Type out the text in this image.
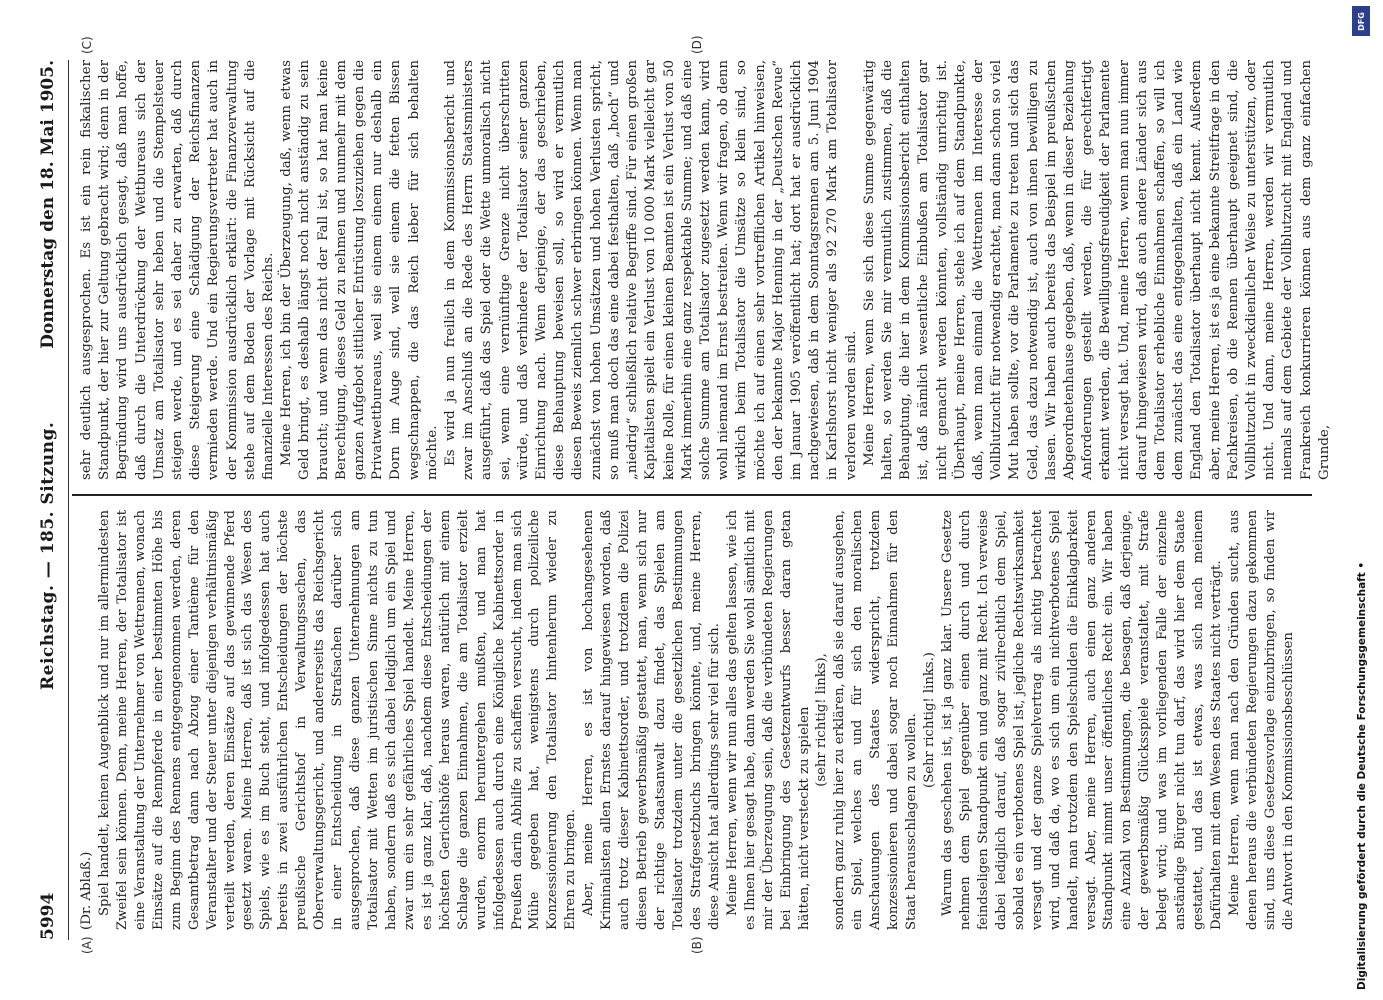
5994
Reichstag. — 185. Sitzung.
Donnerstag den 18. Mai 1905.
(A)	(B)
(C)	(D)

(Dr. Ablaß.) Spiel handelt, keinen Augenblick und nur im allermindesten Zweifel sein können. Denn, meine Herren, der Totalisator ist eine Veranstaltung der Unternehmer von Wettrennen, wonach Einsätze auf die Rennpferde in einer bestimmten Höhe bis zum Beginn des Rennens entgegengenommen werden, deren Gesamtbetrag dann nach Abzug einer Tantième für den Veranstalter und der Steuer unter diejenigen verhältnismäßig verteilt werden, deren Einsätze auf das gewinnende Pferd gesetzt waren. Meine Herren, daß ist sich das Wesen des Spiels, wie es im Buch steht, und infolgedessen hat auch bereits in zwei ausführlichen Entscheidungen der höchste preußische Gerichtshof in Verwaltungssachen, das Oberverwaltungsgericht, und andererseits das Reichsgericht in einer Entscheidung in Strafsachen darüber sich ausgesprochen, daß diese ganzen Unternehmungen am Totalisator mit Wetten im juristischen Sinne nichts zu tun haben, sondern daß es sich dabei lediglich um ein Spiel und zwar um ein sehr gefährliches Spiel handelt. Meine Herren, es ist ja ganz klar, daß, nachdem diese Entscheidungen der höchsten Gerichtshöfe heraus waren, natürlich mit einem Schlage die ganzen Einnahmen, die am Totalisator erzielt wurden, enorm heruntergehen mußten, und man hat infolgedessen auch durch eine Königliche Kabinettsorder in Preußen darin Abhilfe zu schaffen versucht, indem man sich Mühe gegeben hat, wenigstens durch polizeiliche Konzessionierung den Totalisator hintenherum wieder zu Ehren zu bringen. Aber, meine Herren, es ist von hochangesehenen Kriminalisten allen Ernstes darauf hingewiesen worden, daß auch trotz dieser Kabinettsorder, und trotzdem die Polizei diesen Betrieb gewerbsmäßig gestattet, man, wenn sich nur der richtige Staatsanwalt dazu findet, das Spielen am Totalisator trotzdem unter die gesetzlichen Bestimmungen des Strafgesetzbuchs bringen könnte, und, meine Herren, diese Ansicht hat allerdings sehr viel für sich. Meine Herren, wenn wir nun alles das gelten lassen, wie ich es Ihnen hier gesagt habe, dann werden Sie wohl sämtlich mit mir der Überzeugung sein, daß die verbündeten Regierungen bei Einbringung des Gesetzentwurfs besser daran getan hätten, nicht versteckt zu spielen (sehr richtig! links), sondern ganz ruhig hier zu erklären, daß sie darauf ausgehen, ein Spiel, welches an und für sich den moralischen Anschauungen des Staates widerspricht, trotzdem konzessionieren und dabei sogar noch Einnahmen für den Staat herausschlagen zu wollen. (Sehr richtig! links.) Warum das geschehen ist, ist ja ganz klar. Unsere Gesetze nehmen dem Spiel gegenüber einen durch und durch feindseligen Standpunkt ein und ganz mit Recht. Ich verweise dabei lediglich darauf, daß sogar zivilrechtlich dem Spiel, sobald es ein verbotenes Spiel ist, jegliche Rechtswirksamkeit versagt und der ganze Spielvertrag als nichtig betrachtet wird, und daß da, wo es sich um ein nichtverbotenes Spiel handelt, man trotzdem den Spielschulden die Einklagbarkeit versagt. Aber, meine Herren, auch einen ganz anderen Standpunkt nimmt unser öffentliches Recht ein. Wir haben eine Anzahl von Bestimmungen, die besagen, daß derjenige, der gewerbsmäßig Glücksspiele veranstaltet, mit Strafe belegt wird; und was im vorliegenden Falle der einzelne anständige Bürger nicht tun darf, das wird hier dem Staate gestattet, und das ist etwas, was sich nach meinem Dafürhalten mit dem Wesen des Staates nicht verträgt. Meine Herren, wenn man nach den Gründen sucht, aus denen heraus die verbündeten Regierungen dazu gekommen sind, uns diese Gesetzesvorlage einzubringen, so finden wir die Antwort in den Kommissionsbeschlüssen

sehr deutlich ausgesprochen. Es ist ein rein fiskalischer Standpunkt, der hier zur Geltung gebracht wird; denn in der Begründung wird uns ausdrücklich gesagt, daß man hoffe, daß durch die Unterdrückung der Wettbureaus sich der Umsatz am Totalisator sehr heben und die Stempelsteuer steigen werde, und es sei daher zu erwarten, daß durch diese Steigerung eine Schädigung der Reichsfinanzen vermieden werde. Und ein Regierungsvertreter hat auch in der Kommission ausdrücklich erklärt: die Finanzverwaltung stehe auf dem Boden der Vorlage mit Rücksicht auf die finanzielle Interessen des Reichs. Meine Herren, ich bin der Überzeugung, daß, wenn etwas Geld bringt, es deshalb längst noch nicht anständig zu sein braucht; und wenn das nicht der Fall ist, so hat man keine Berechtigung, dieses Geld zu nehmen und nunmehr mit dem ganzen Aufgebot sittlicher Entrüstung loszuziehen gegen die Privatwettbureaus, weil sie einem einem nur deshalb ein Dorn im Auge sind, weil sie einem die fetten Bissen wegschnappen, die das Reich lieber für sich behalten möchte. Es wird ja nun freilich in dem Kommissionsbericht und zwar im Anschluß an die Rede des Herrn Staatsministers ausgeführt, daß das Spiel oder die Wette unmoralisch nicht sei, wenn eine vernünftige Grenze nicht überschritten würde, und daß verhindere der Totalisator seiner ganzen Einrichtung nach. Wenn derjenige, der das geschrieben, diese Behauptung beweisen soll, so wird er vermutlich diesen Beweis ziemlich schwer erbringen können. Wenn man zunächst von hohen Umsätzen und hohen Verlusten spricht, so muß man doch das eine dabei festhalten, daß „hoch“ und „niedrig“ schließlich relative Begriffe sind. Für einen großen Kapitalisten spielt ein Verlust von 10 000 Mark vielleicht gar keine Rolle, für einen kleinen Beamten ist ein Verlust von 50 Mark immerhin eine ganz respektable Summe; und daß eine solche Summe am Totalisator zugesetzt werden kann, wird wohl niemand im Ernst bestreiten. Wenn wir fragen, ob denn wirklich beim Totalisator die Umsätze so klein sind, so möchte ich auf einen sehr vortrefflichen Artikel hinweisen, den der bekannte Major Henning in der „Deutschen Revue“ im Januar 1905 veröffentlicht hat; dort hat er ausdrücklich nachgewiesen, daß in dem Sonntagsrennen am 5. Juni 1904 in Karlshorst nicht weniger als 92 270 Mark am Totalisator verloren worden sind. Meine Herren, wenn Sie sich diese Summe gegenwärtig halten, so werden Sie mir vermutlich zustimmen, daß die Behauptung, die hier in dem Kommissionsbericht enthalten ist, daß nämlich wesentliche Einbußen am Totalisator gar nicht gemacht werden könnten, vollständig unrichtig ist. Überhaupt, meine Herren, stehe ich auf dem Standpunkte, daß, wenn man einmal die Wettrennen im Interesse der Vollblutzucht für notwendig erachtet, man dann schon so viel Mut haben sollte, vor die Parlamente zu treten und sich das Geld, das dazu notwendig ist, auch von ihnen bewilligen zu lassen. Wir haben auch bereits das Beispiel im preußischen Abgeordnetenhause gegeben, daß, wenn in dieser Beziehung Anforderungen gestellt werden, die für gerechtfertigt erkannt werden, die Bewilligungsfreudigkeit der Parlamente nicht versagt hat. Und, meine Herren, wenn man nun immer darauf hingewiesen wird, daß auch andere Länder sich aus dem Totalisator erhebliche Einnahmen schaffen, so will ich dem zunächst das eine entgegenhalten, daß ein Land wie England den Totalisator überhaupt nicht kennt. Außerdem aber, meine Herren, ist es ja eine bekannte Streitfrage in den Fachkreisen, ob die Rennen überhaupt geeignet sind, die Vollblutzucht in zweckdienlicher Weise zu unterstützen, oder nicht. Und dann, meine Herren, werden wir vermutlich niemals auf dem Gebiete der Vollblutzucht mit England und Frankreich konkurrieren können aus dem ganz einfachen Grunde,

DFG
Digitalisierung gefördert durch die Deutsche Forschungsgemeinschaft •
